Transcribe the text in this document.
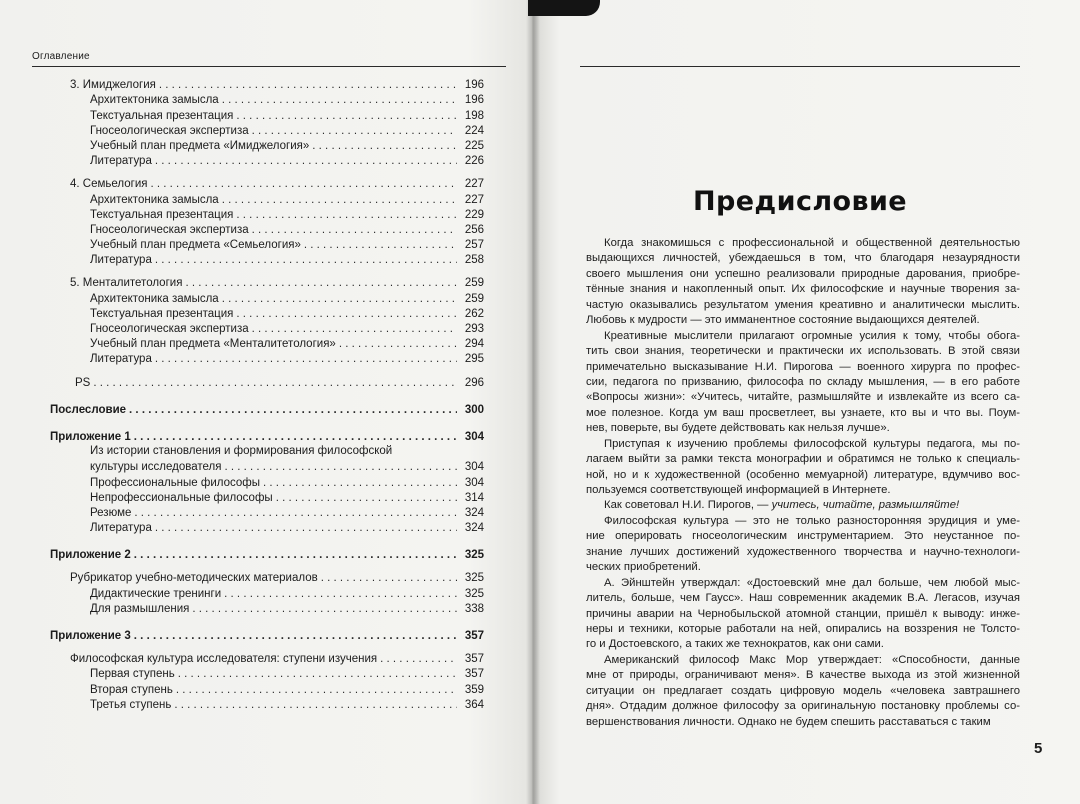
Оглавление
3. Имиджелогия . . .	196
Архитектоника замысла . . .	196
Текстуальная презентация . . .	198
Гносеологическая экспертиза . . .	224
Учебный план предмета «Имиджелогия» . . .	225
Литература . . .	226
4. Семьелогия . . .	227
Архитектоника замысла . . .	227
Текстуальная презентация . . .	229
Гносеологическая экспертиза . . .	256
Учебный план предмета «Семьелогия» . . .	257
Литература . . .	258
5. Менталитетология . . .	259
Архитектоника замысла . . .	259
Текстуальная презентация . . .	262
Гносеологическая экспертиза . . .	293
Учебный план предмета «Менталитетология» . . .	294
Литература . . .	295
PS . . .	296
Послесловие . . .	300
Приложение 1 . . .	304
Из истории становления и формирования философской
культуры исследователя . . .	304
Профессиональные философы . . .	304
Непрофессиональные философы . . .	314
Резюме . . .	324
Литература . . .	324
Приложение 2 . . .	325
Рубрикатор учебно-методических материалов . . .	325
Дидактические тренинги . . .	325
Для размышления . . .	338
Приложение 3 . . .	357
Философская культура исследователя: ступени изучения . . .	357
Первая ступень . . .	357
Вторая ступень . . .	359
Третья ступень . . .	364
Предисловие
Когда знакомишься с профессиональной и общественной деятельностью
выдающихся личностей, убеждаешься в том, что благодаря незаурядности
своего мышления они успешно реализовали природные дарования, приобре-
тённые знания и накопленный опыт. Их философские и научные творения за-
частую оказывались результатом умения креативно и аналитически мыслить.
Любовь к мудрости — это имманентное состояние выдающихся деятелей.
Креативные мыслители прилагают огромные усилия к тому, чтобы обога-
тить свои знания, теоретически и практически их использовать. В этой связи
примечательно высказывание Н.И. Пирогова — военного хирурга по профес-
сии, педагога по призванию, философа по складу мышления, — в его работе
«Вопросы жизни»: «Учитесь, читайте, размышляйте и извлекайте из всего са-
мое полезное. Когда ум ваш просветлеет, вы узнаете, кто вы и что вы. Поум-
нев, поверьте, вы будете действовать как нельзя лучше».
Приступая к изучению проблемы философской культуры педагога, мы по-
лагаем выйти за рамки текста монографии и обратимся не только к специаль-
ной, но и к художественной (особенно мемуарной) литературе, вдумчиво вос-
пользуемся соответствующей информацией в Интернете.
Как советовал Н.И. Пирогов, — учитесь, читайте, размышляйте!
Философская культура — это не только разносторонняя эрудиция и уме-
ние оперировать гносеологическим инструментарием. Это неустанное по-
знание лучших достижений художественного творчества и научно-технологи-
ческих приобретений.
А. Эйнштейн утверждал: «Достоевский мне дал больше, чем любой мыс-
литель, больше, чем Гаусс». Наш современник академик В.А. Легасов, изучая
причины аварии на Чернобыльской атомной станции, пришёл к выводу: инже-
неры и техники, которые работали на ней, опирались на воззрения не Толсто-
го и Достоевского, а таких же технократов, как они сами.
Американский философ Макс Мор утверждает: «Способности, данные
мне от природы, ограничивают меня». В качестве выхода из этой жизненной
ситуации он предлагает создать цифровую модель «человека завтрашнего
дня». Отдадим должное философу за оригинальную постановку проблемы со-
вершенствования личности. Однако не будем спешить расставаться с таким
5
